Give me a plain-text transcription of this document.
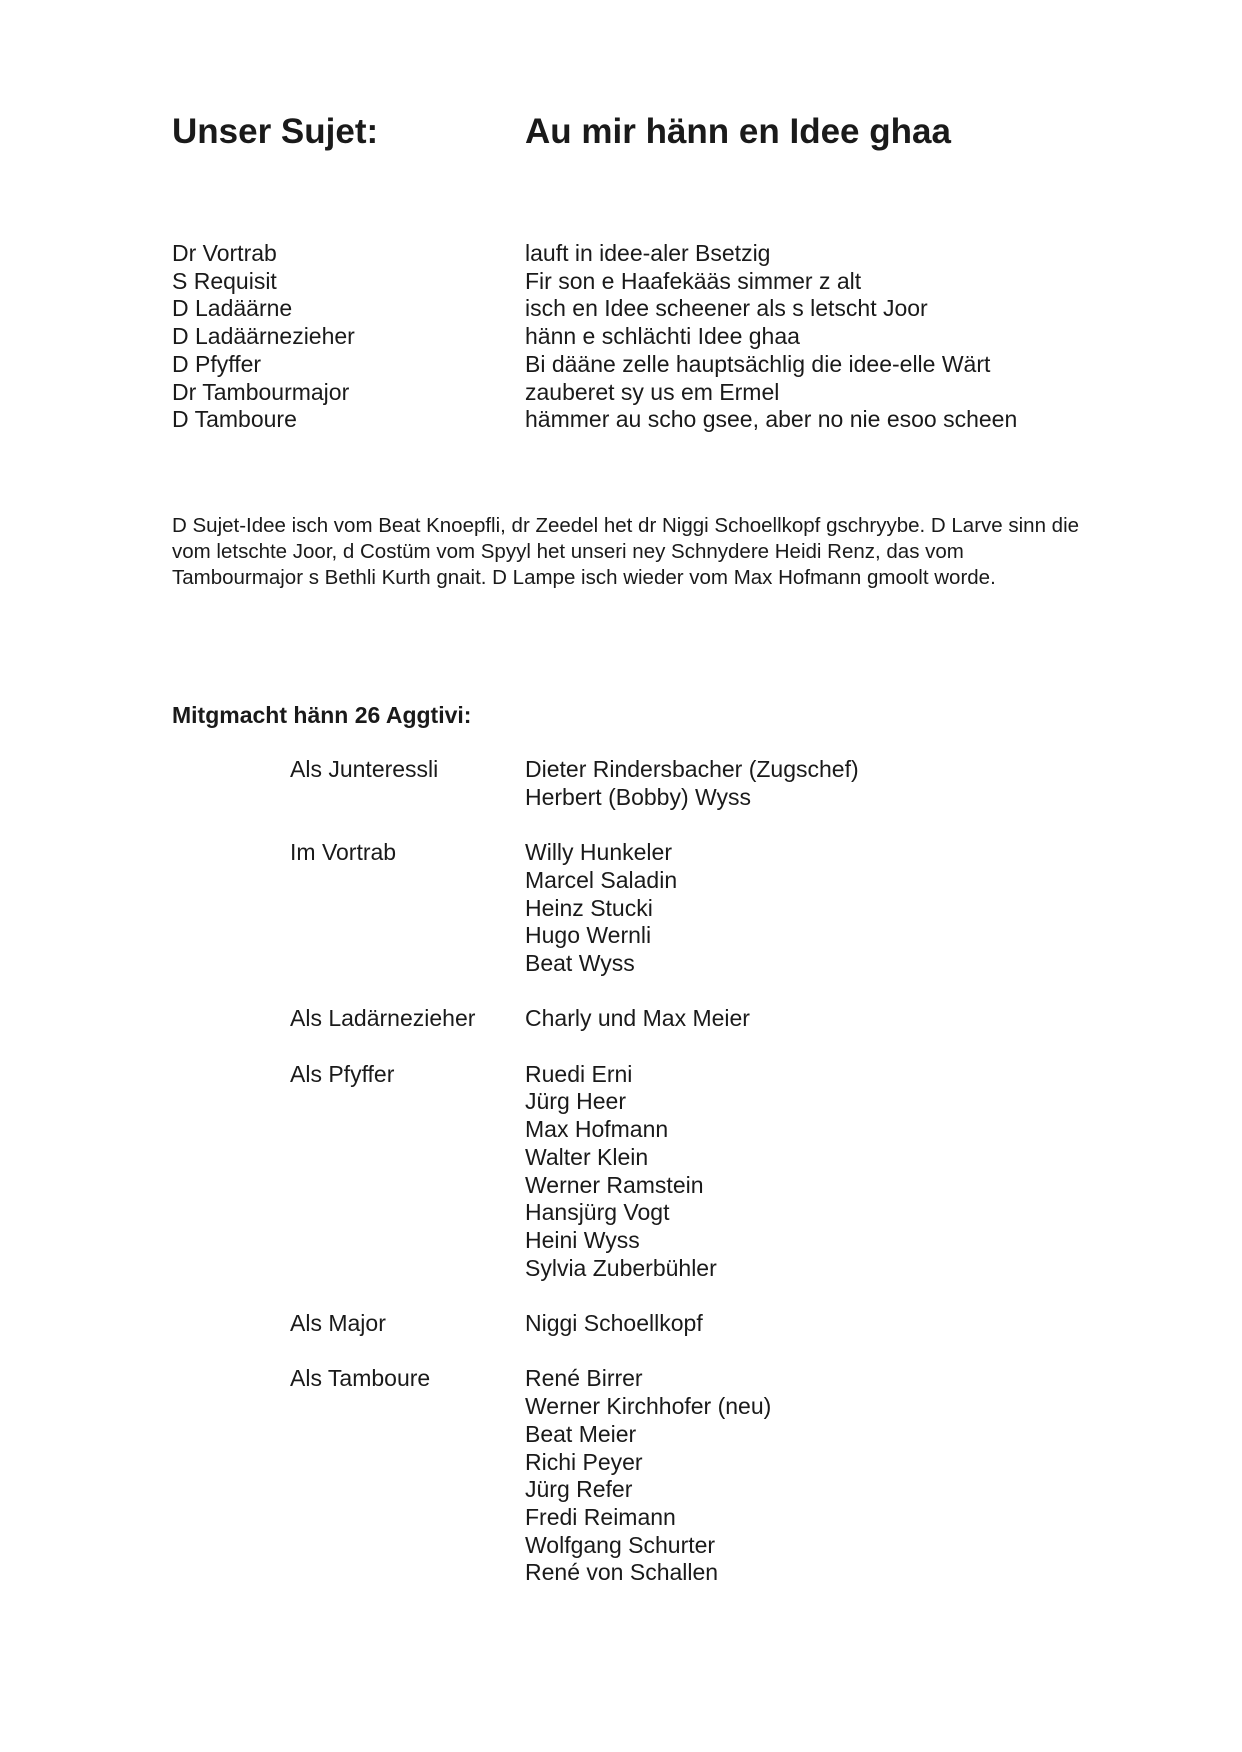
Unser Sujet:	Au mir hänn en Idee ghaa
Dr Vortrab	lauft in idee-aler Bsetzig
S Requisit	Fir son e Haafekääs simmer z alt
D Ladäärne	isch en Idee scheener als s letscht Joor
D Ladäärnezieher	hänn e schlächti Idee ghaa
D Pfyffer	Bi dääne zelle hauptsächlig die idee-elle Wärt
Dr Tambourmajor	zauberet sy us em Ermel
D Tamboure	hämmer au scho gsee, aber no nie esoo scheen

D Sujet-Idee isch vom Beat Knoepfli, dr Zeedel het dr Niggi Schoellkopf gschryybe. D Larve sinn die vom letschte Joor, d Costüm vom Spyyl het unseri ney Schnydere Heidi Renz, das vom Tambourmajor s Bethli Kurth gnait. D Lampe isch wieder vom Max Hofmann gmoolt worde.

Mitgmacht hänn 26 Aggtivi:
Als Junteressli	Dieter Rindersbacher (Zugschef)
Herbert (Bobby) Wyss
Im Vortrab	Willy Hunkeler
Marcel Saladin
Heinz Stucki
Hugo Wernli
Beat Wyss
Als Ladärnezieher	Charly und Max Meier
Als Pfyffer	Ruedi Erni
Jürg Heer
Max Hofmann
Walter Klein
Werner Ramstein
Hansjürg Vogt
Heini Wyss
Sylvia Zuberbühler
Als Major	Niggi Schoellkopf
Als Tamboure	René Birrer
Werner Kirchhofer (neu)
Beat Meier
Richi Peyer
Jürg Refer
Fredi Reimann
Wolfgang Schurter
René von Schallen
